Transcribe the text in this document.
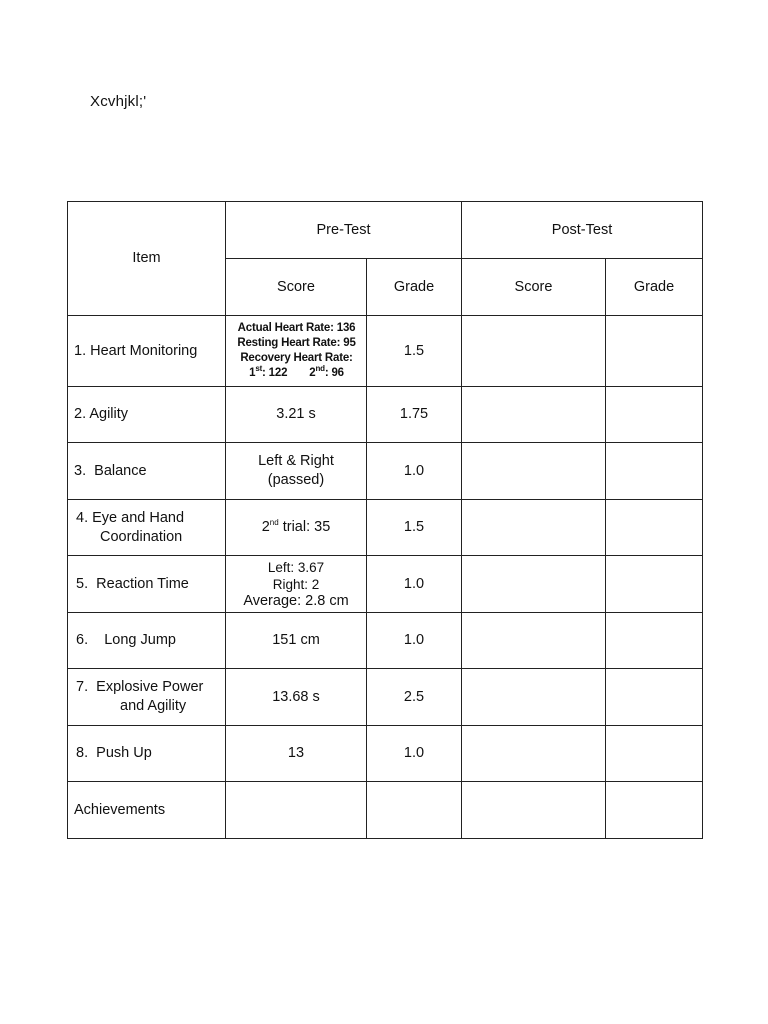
Xcvhjkl;'
Item	Pre-Test		Post-Test	
	Score	Grade	Score	Grade
1. Heart Monitoring	Actual Heart Rate: 136
Resting Heart Rate: 95
Recovery Heart Rate:
1st: 122 2nd: 96	1.5		
2. Agility	3.21 s	1.75		
3. Balance	Left & Right
(passed)	1.0		

4. Eye and Hand
Coordination	2nd trial: 35	1.5		
5. Reaction Time	Left: 3.67
Right: 2
Average: 2.8 cm	1.0		
6. Long Jump	151 cm	1.0		

7. Explosive Power
and Agility	13.68 s	2.5		
8. Push Up	13	1.0		
Achievements				
